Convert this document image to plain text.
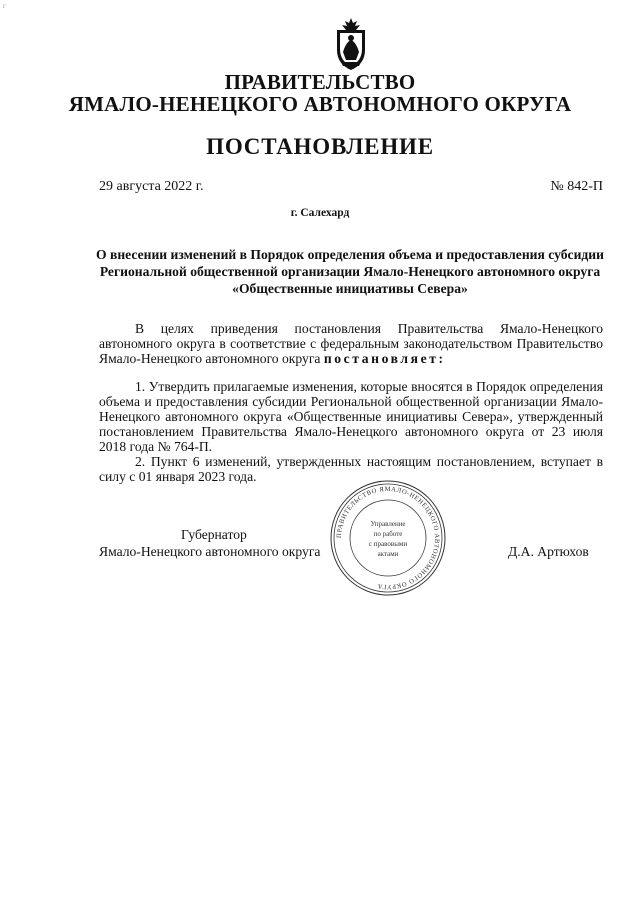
г
ПРАВИТЕЛЬСТВО
ЯМАЛО-НЕНЕЦКОГО АВТОНОМНОГО ОКРУГА
ПОСТАНОВЛЕНИЕ
29 августа 2022 г.	№ 842-П
г. Салехард
О внесении изменений в Порядок определения объема и предоставления субсидии Региональной общественной организации Ямало-Ненецкого автономного округа «Общественные инициативы Севера»
В целях приведения постановления Правительства Ямало-Ненецкого автономного округа в соответствие с федеральным законодательством Правительство Ямало-Ненецкого автономного округа постановляет:
1. Утвердить прилагаемые изменения, которые вносятся в Порядок определения объема и предоставления субсидии Региональной общественной организации Ямало-Ненецкого автономного округа «Общественные инициативы Севера», утвержденный постановлением Правительства Ямало-Ненецкого автономного округа от 23 июля 2018 года № 764-П.
2. Пункт 6 изменений, утвержденных настоящим постановлением, вступает в силу с 01 января 2023 года.
Губернатор
Ямало-Ненецкого автономного округа
ПРАВИТЕЛЬСТВО ЯМАЛО-НЕНЕЦКОГО АВТОНОМНОГО ОКРУГА
Управление
по работе
с правовыми
актами	Д.А. Артюхов
